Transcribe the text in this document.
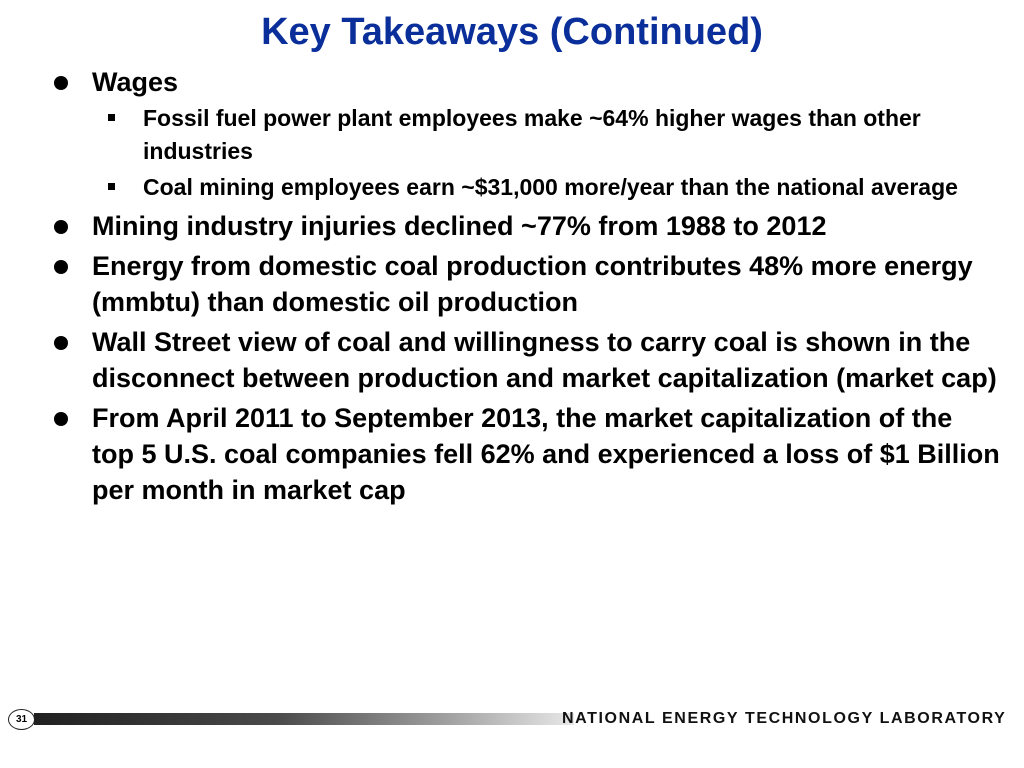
Key Takeaways (Continued)
Wages
Fossil fuel power plant employees make ~64% higher wages than other industries
Coal mining employees earn ~$31,000 more/year than the national average
Mining industry injuries declined ~77% from 1988 to 2012
Energy from domestic coal production contributes 48% more energy (mmbtu) than domestic oil production
Wall Street view of coal and willingness to carry coal is shown in the disconnect between production and market capitalization (market cap)
From April 2011 to September 2013, the market capitalization of the top 5 U.S. coal companies fell 62% and experienced a loss of $1 Billion per month in market cap
31	NATIONAL ENERGY TECHNOLOGY LABORATORY
